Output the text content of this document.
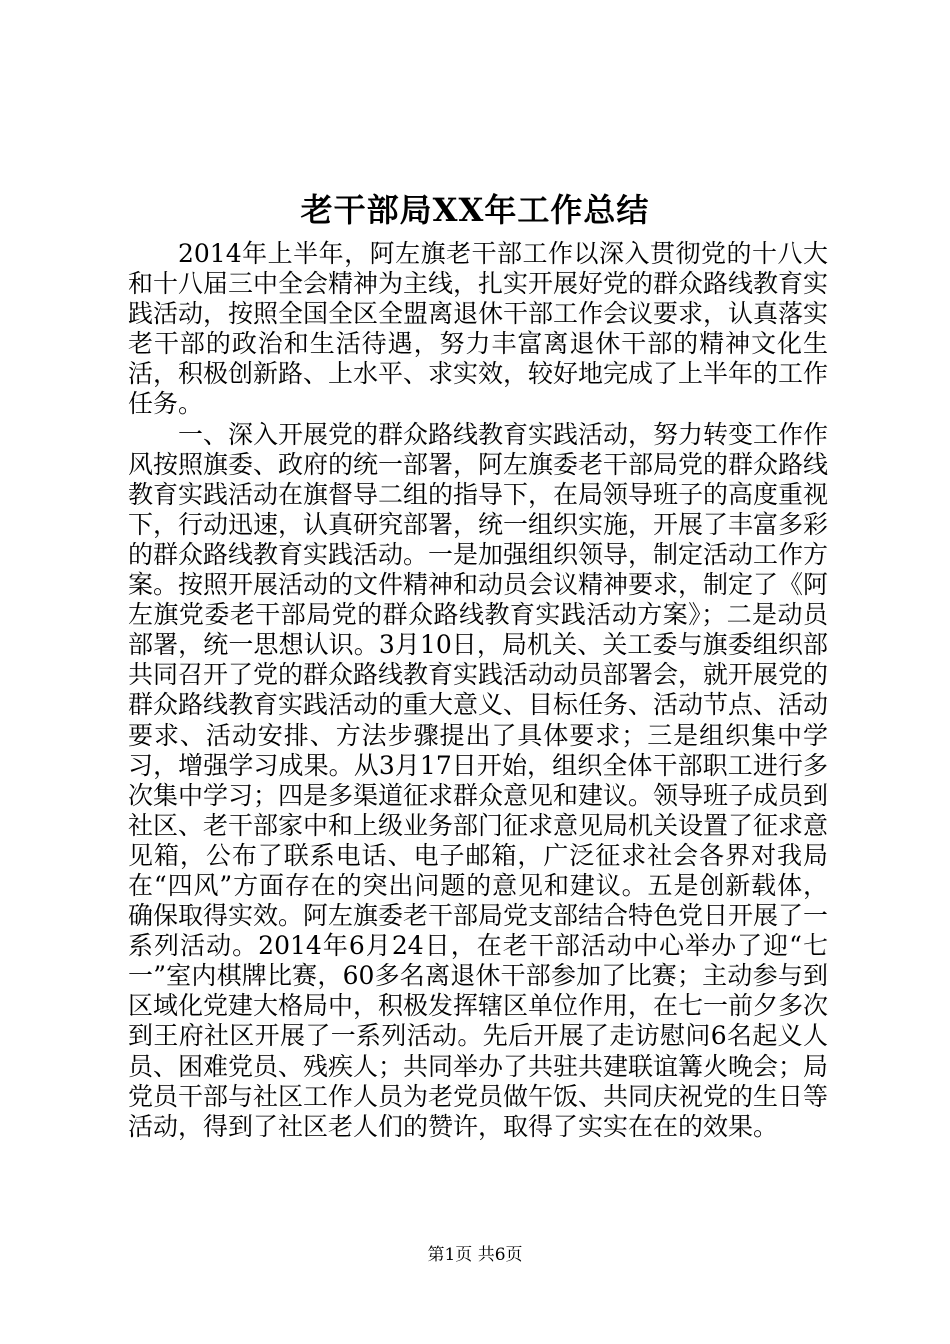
老干部局XX年工作总结

2014年上半年，阿左旗老干部工作以深入贯彻党的十八大和十八届三中全会精神为主线，扎实开展好党的群众路线教育实践活动，按照全国全区全盟离退休干部工作会议要求，认真落实老干部的政治和生活待遇，努力丰富离退休干部的精神文化生活，积极创新路、上水平、求实效，较好地完成了上半年的工作任务。

一、深入开展党的群众路线教育实践活动，努力转变工作作风按照旗委、政府的统一部署，阿左旗委老干部局党的群众路线教育实践活动在旗督导二组的指导下，在局领导班子的高度重视下，行动迅速，认真研究部署，统一组织实施，开展了丰富多彩的群众路线教育实践活动。一是加强组织领导，制定活动工作方案。按照开展活动的文件精神和动员会议精神要求，制定了《阿左旗党委老干部局党的群众路线教育实践活动方案》；二是动员部署，统一思想认识。3月10日，局机关、关工委与旗委组织部共同召开了党的群众路线教育实践活动动员部署会，就开展党的群众路线教育实践活动的重大意义、目标任务、活动节点、活动要求、活动安排、方法步骤提出了具体要求；三是组织集中学习，增强学习成果。从3月17日开始，组织全体干部职工进行多次集中学习；四是多渠道征求群众意见和建议。领导班子成员到社区、老干部家中和上级业务部门征求意见局机关设置了征求意见箱，公布了联系电话、电子邮箱，广泛征求社会各界对我局在“四风”方面存在的突出问题的意见和建议。五是创新载体，确保取得实效。阿左旗委老干部局党支部结合特色党日开展了一系列活动。2014年6月24日，在老干部活动中心举办了迎“七一”室内棋牌比赛，60多名离退休干部参加了比赛；主动参与到区域化党建大格局中，积极发挥辖区单位作用，在七一前夕多次到王府社区开展了一系列活动。先后开展了走访慰问6名起义人员、困难党员、残疾人；共同举办了共驻共建联谊篝火晚会；局党员干部与社区工作人员为老党员做午饭、共同庆祝党的生日等活动，得到了社区老人们的赞许，取得了实实在在的效果。

第1页 共6页
